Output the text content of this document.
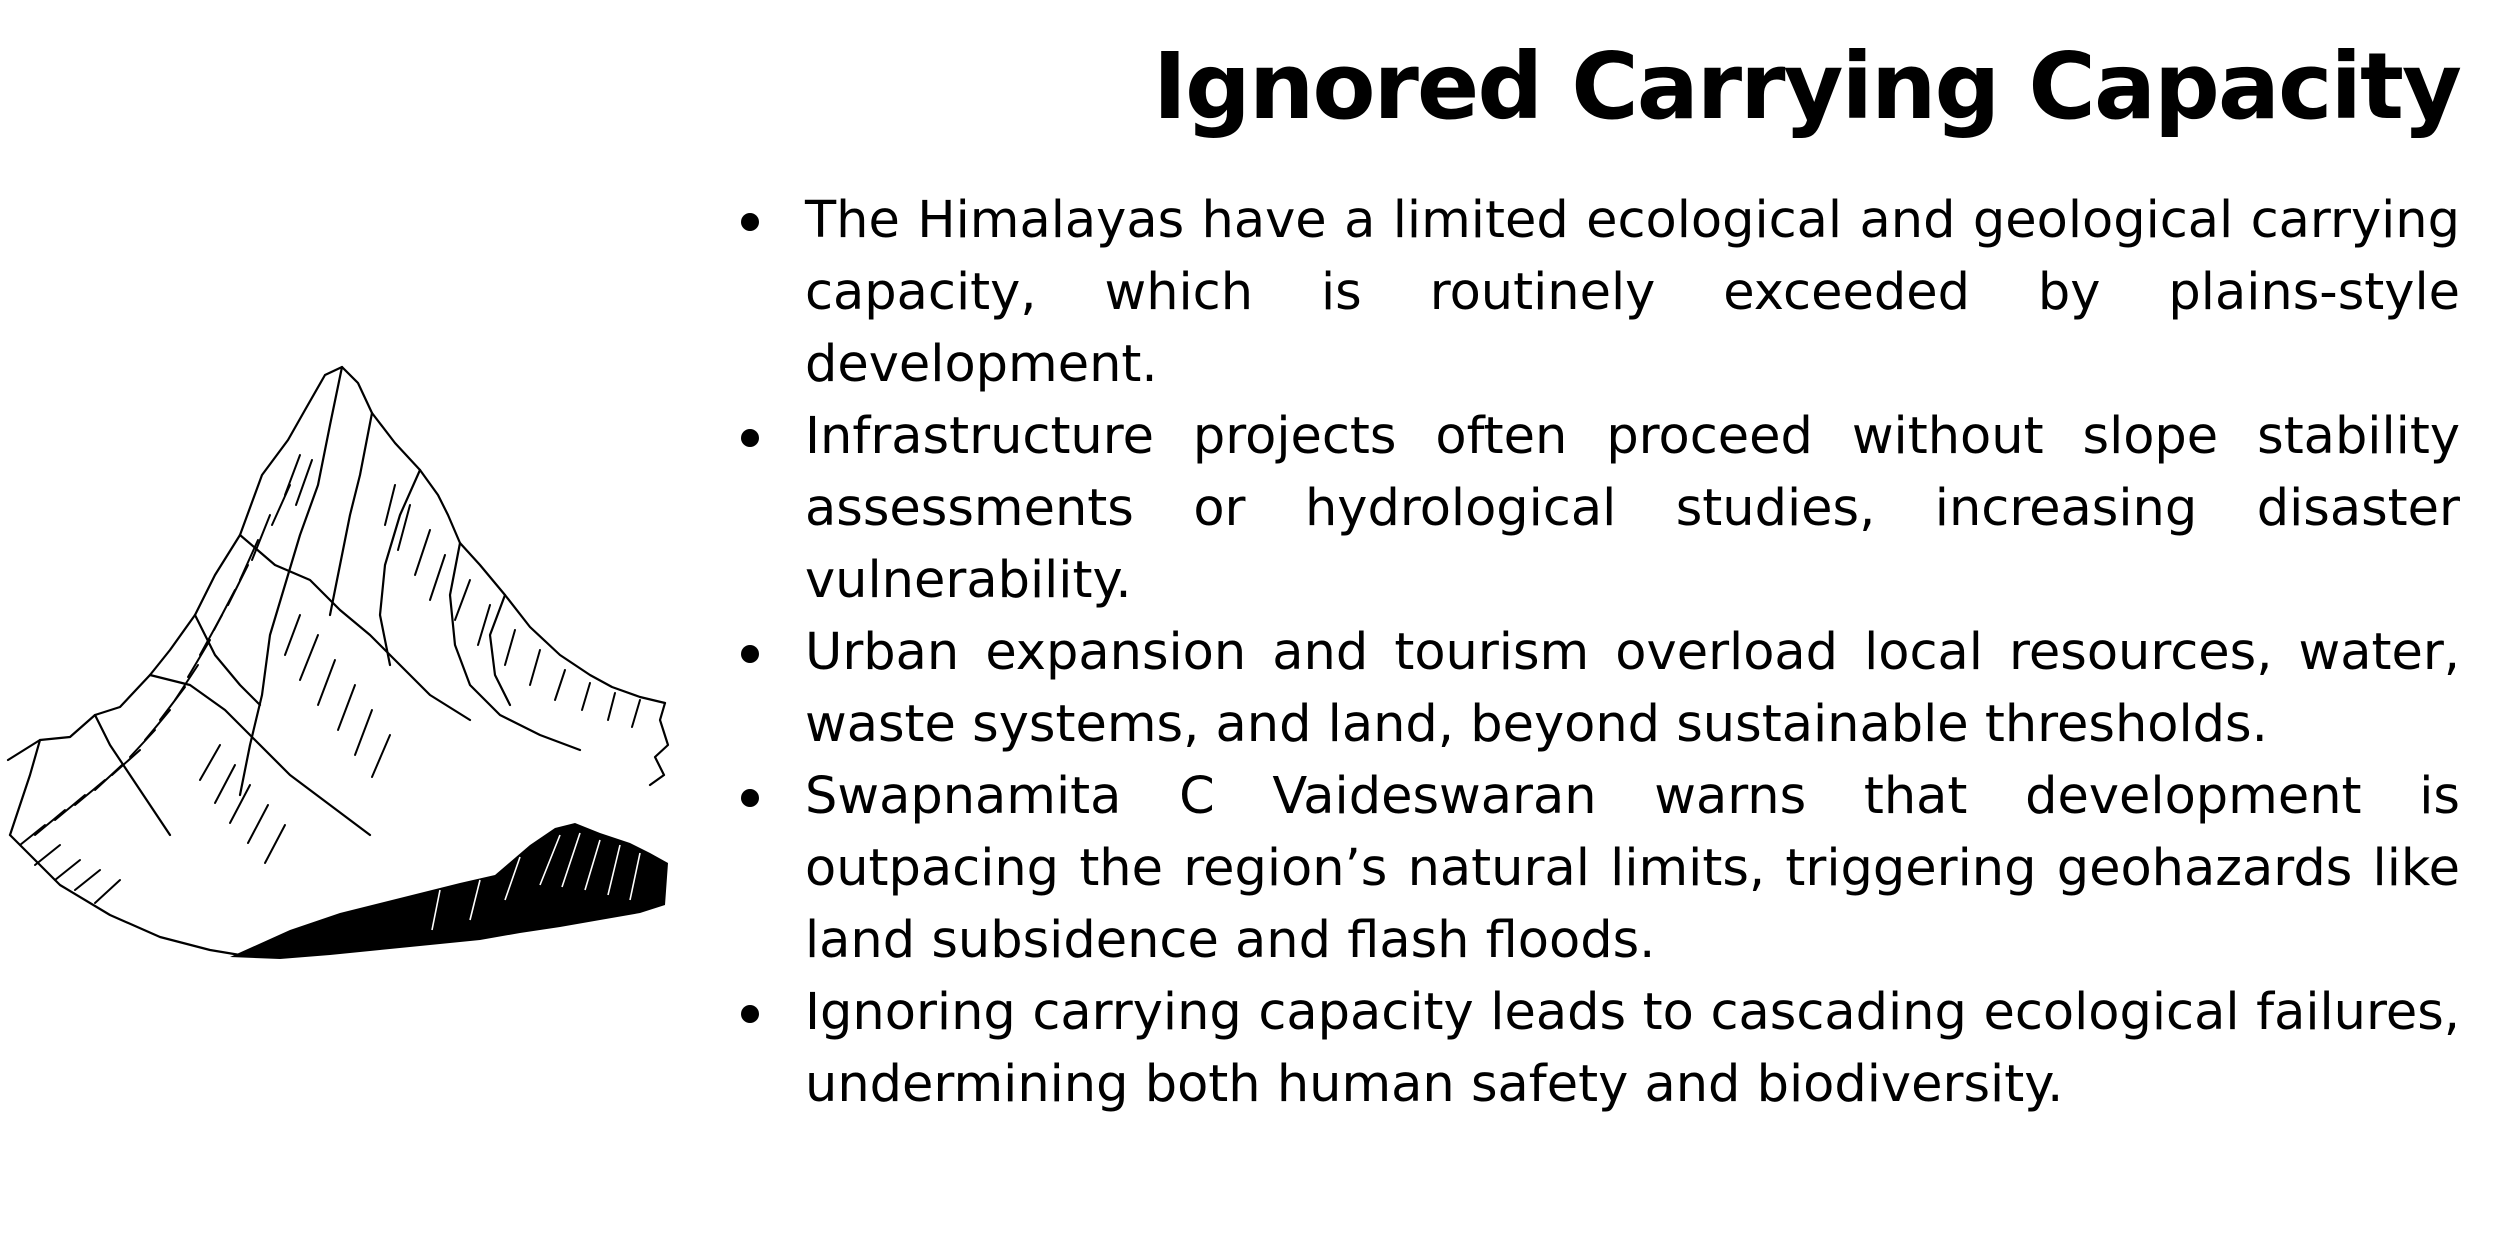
Ignored Carrying Capacity
The Himalayas have a limited ecological and geological carrying capacity, which is routinely exceeded by plains-style development.
Infrastructure projects often proceed without slope stability assessments or hydrological studies, increasing disaster vulnerability.
Urban expansion and tourism overload local resources, water, waste systems, and land, beyond sustainable thresholds.
Swapnamita C Vaideswaran warns that development is outpacing the region’s natural limits, triggering geohazards like land subsidence and flash floods.
Ignoring carrying capacity leads to cascading ecological failures, undermining both human safety and biodiversity.
